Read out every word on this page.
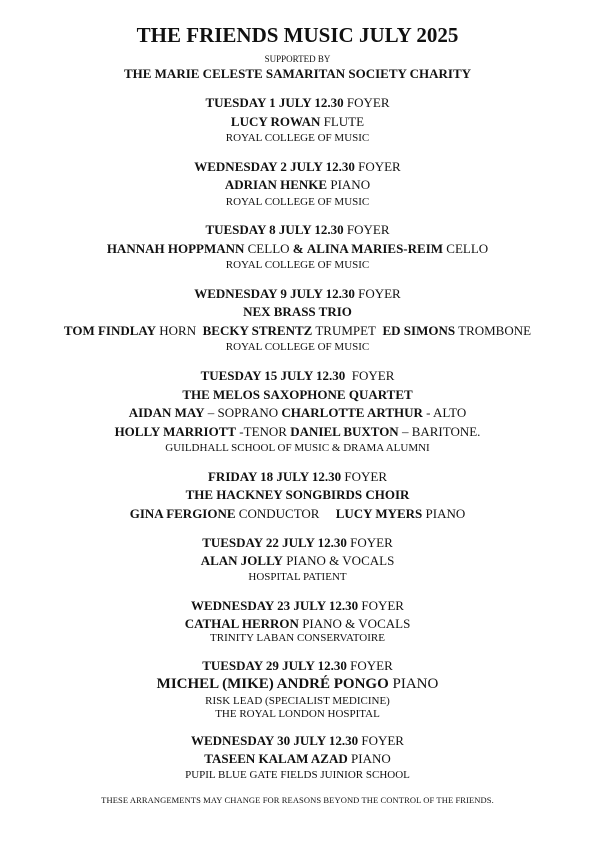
THE FRIENDS MUSIC JULY 2025
SUPPORTED BY
THE MARIE CELESTE SAMARITAN SOCIETY CHARITY
TUESDAY 1 JULY 12.30 FOYER
LUCY ROWAN FLUTE
ROYAL COLLEGE OF MUSIC
WEDNESDAY 2 JULY 12.30 FOYER
ADRIAN HENKE PIANO
ROYAL COLLEGE OF MUSIC
TUESDAY 8 JULY 12.30 FOYER
HANNAH HOPPMANN CELLO & ALINA MARIES-REIM CELLO
ROYAL COLLEGE OF MUSIC
WEDNESDAY 9 JULY 12.30 FOYER
NEX BRASS TRIO
TOM FINDLAY HORN BECKY STRENTZ TRUMPET ED SIMONS TROMBONE
ROYAL COLLEGE OF MUSIC
TUESDAY 15 JULY 12.30 FOYER
THE MELOS SAXOPHONE QUARTET
AIDAN MAY – SOPRANO CHARLOTTE ARTHUR - ALTO
HOLLY MARRIOTT -TENOR DANIEL BUXTON – BARITONE.
GUILDHALL SCHOOL OF MUSIC & DRAMA ALUMNI
FRIDAY 18 JULY 12.30 FOYER
THE HACKNEY SONGBIRDS CHOIR
GINA FERGIONE CONDUCTOR LUCY MYERS PIANO
TUESDAY 22 JULY 12.30 FOYER
ALAN JOLLY PIANO & VOCALS
HOSPITAL PATIENT
WEDNESDAY 23 JULY 12.30 FOYER
CATHAL HERRON PIANO & VOCALS
TRINITY LABAN CONSERVATOIRE
TUESDAY 29 JULY 12.30 FOYER
MICHEL (MIKE) ANDRÉ PONGO PIANO
RISK LEAD (SPECIALIST MEDICINE)
THE ROYAL LONDON HOSPITAL
WEDNESDAY 30 JULY 12.30 FOYER
TASEEN KALAM AZAD PIANO
PUPIL BLUE GATE FIELDS JUINIOR SCHOOL
THESE ARRANGEMENTS MAY CHANGE FOR REASONS BEYOND THE CONTROL OF THE FRIENDS.
